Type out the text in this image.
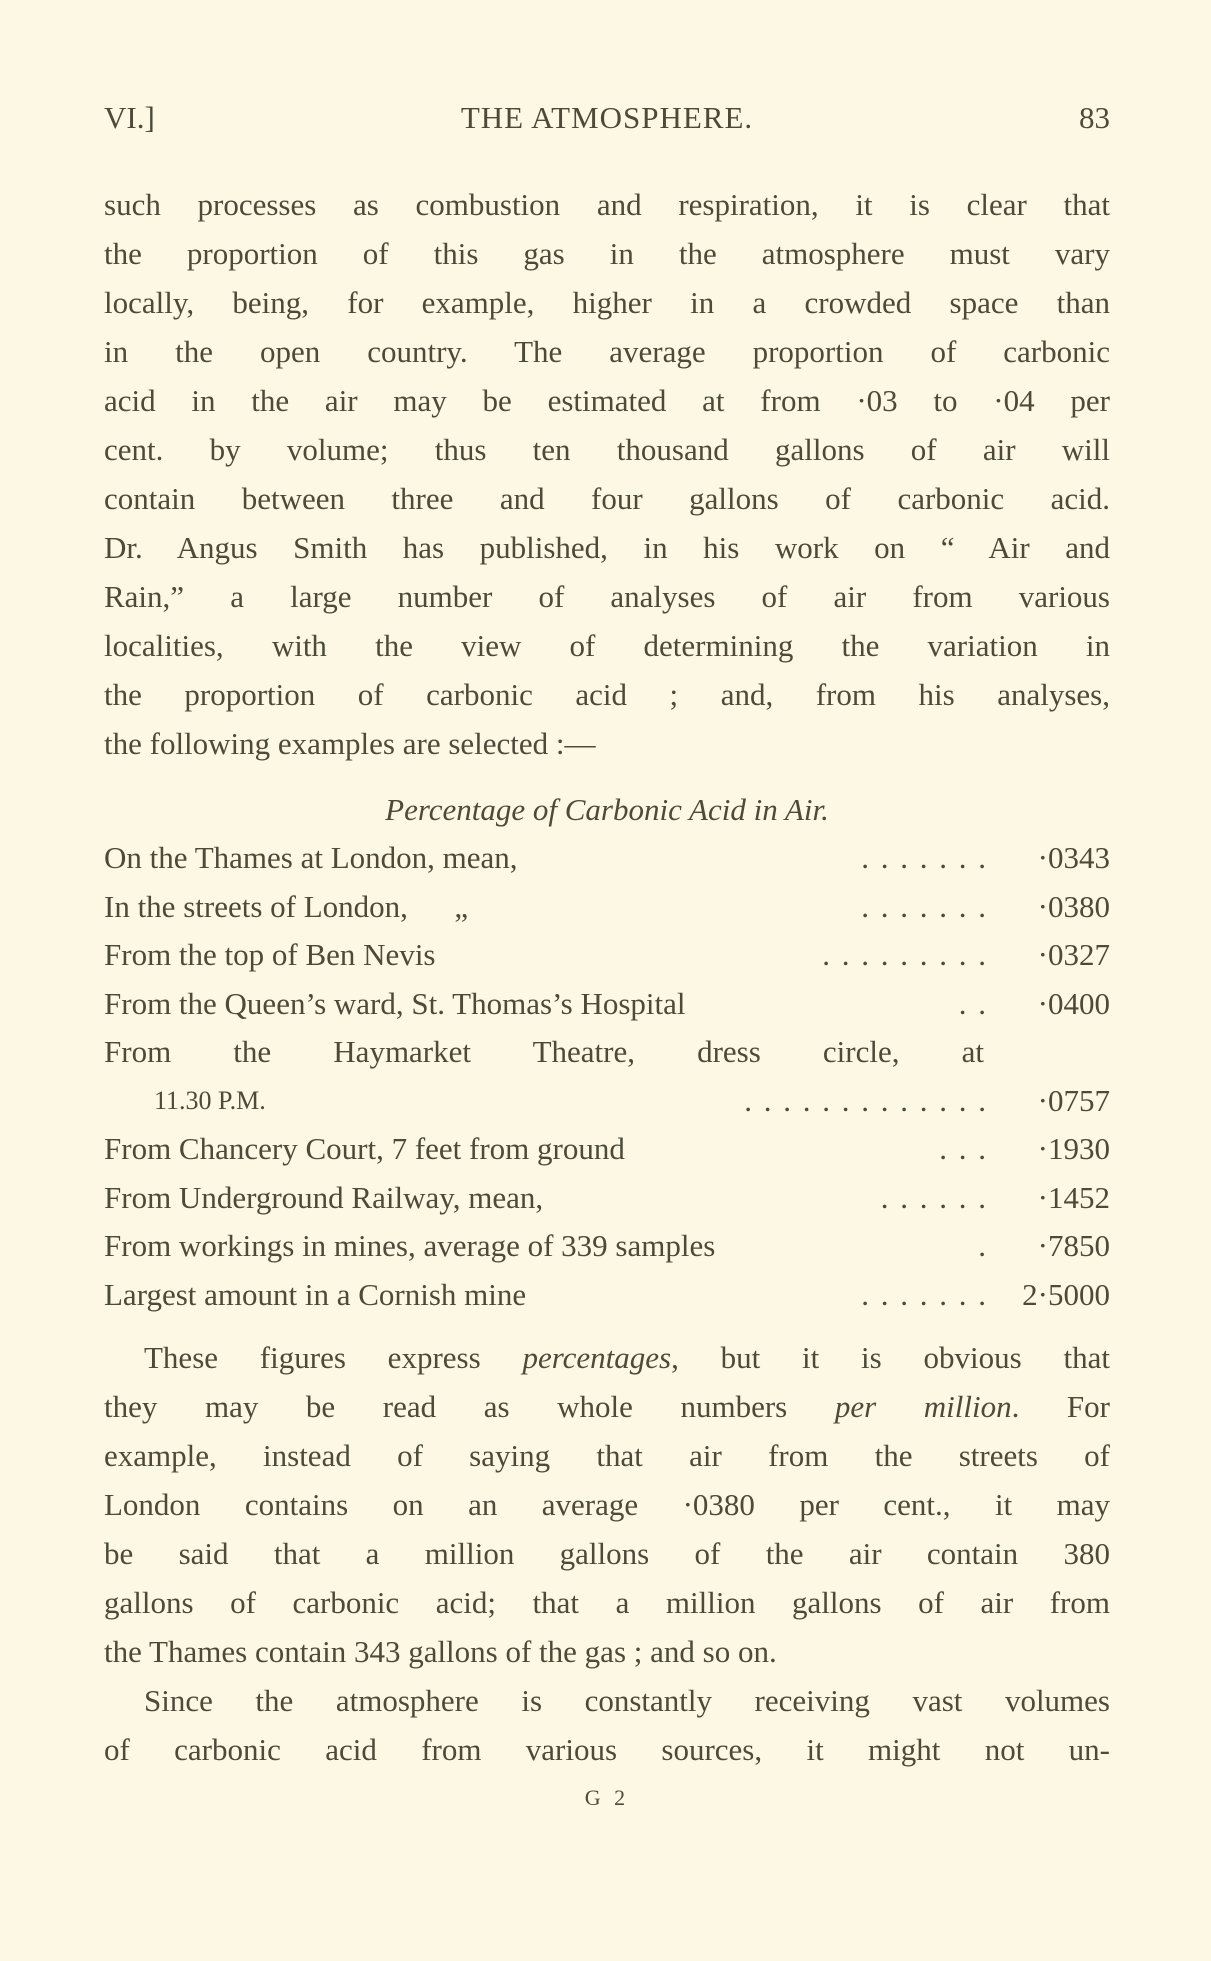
VI.]	THE ATMOSPHERE.	83
such processes as combustion and respiration, it is clear that
the proportion of this gas in the atmosphere must vary
locally, being, for example, higher in a crowded space than
in the open country. The average proportion of carbonic
acid in the air may be estimated at from ·03 to ·04 per
cent. by volume; thus ten thousand gallons of air will
contain between three and four gallons of carbonic acid.
Dr. Angus Smith has published, in his work on “ Air and
Rain,” a large number of analyses of air from various
localities, with the view of determining the variation in
the proportion of carbonic acid ; and, from his analyses,
the following examples are selected :—
Percentage of Carbonic Acid in Air.
On the Thames at London, mean,	. . . . . . .	·0343
In the streets of London,      „	. . . . . . .	·0380
From the top of Ben Nevis	. . . . . . . . .	·0327
From the Queen’s ward, St. Thomas’s Hospital	. .	·0400
From the Haymarket Theatre, dress circle, at
11.30 P.M.	. . . . . . . . . . . . .	·0757
From Chancery Court, 7 feet from ground	. . .	·1930
From Underground Railway, mean,	. . . . . .	·1452
From workings in mines, average of 339 samples	.	·7850
Largest amount in a Cornish mine	. . . . . . .	2·5000
These figures express percentages, but it is obvious that
they may be read as whole numbers per million. For
example, instead of saying that air from the streets of
London contains on an average ·0380 per cent., it may
be said that a million gallons of the air contain 380
gallons of carbonic acid; that a million gallons of air from
the Thames contain 343 gallons of the gas ; and so on.
Since the atmosphere is constantly receiving vast volumes
of carbonic acid from various sources, it might not un-
G 2
